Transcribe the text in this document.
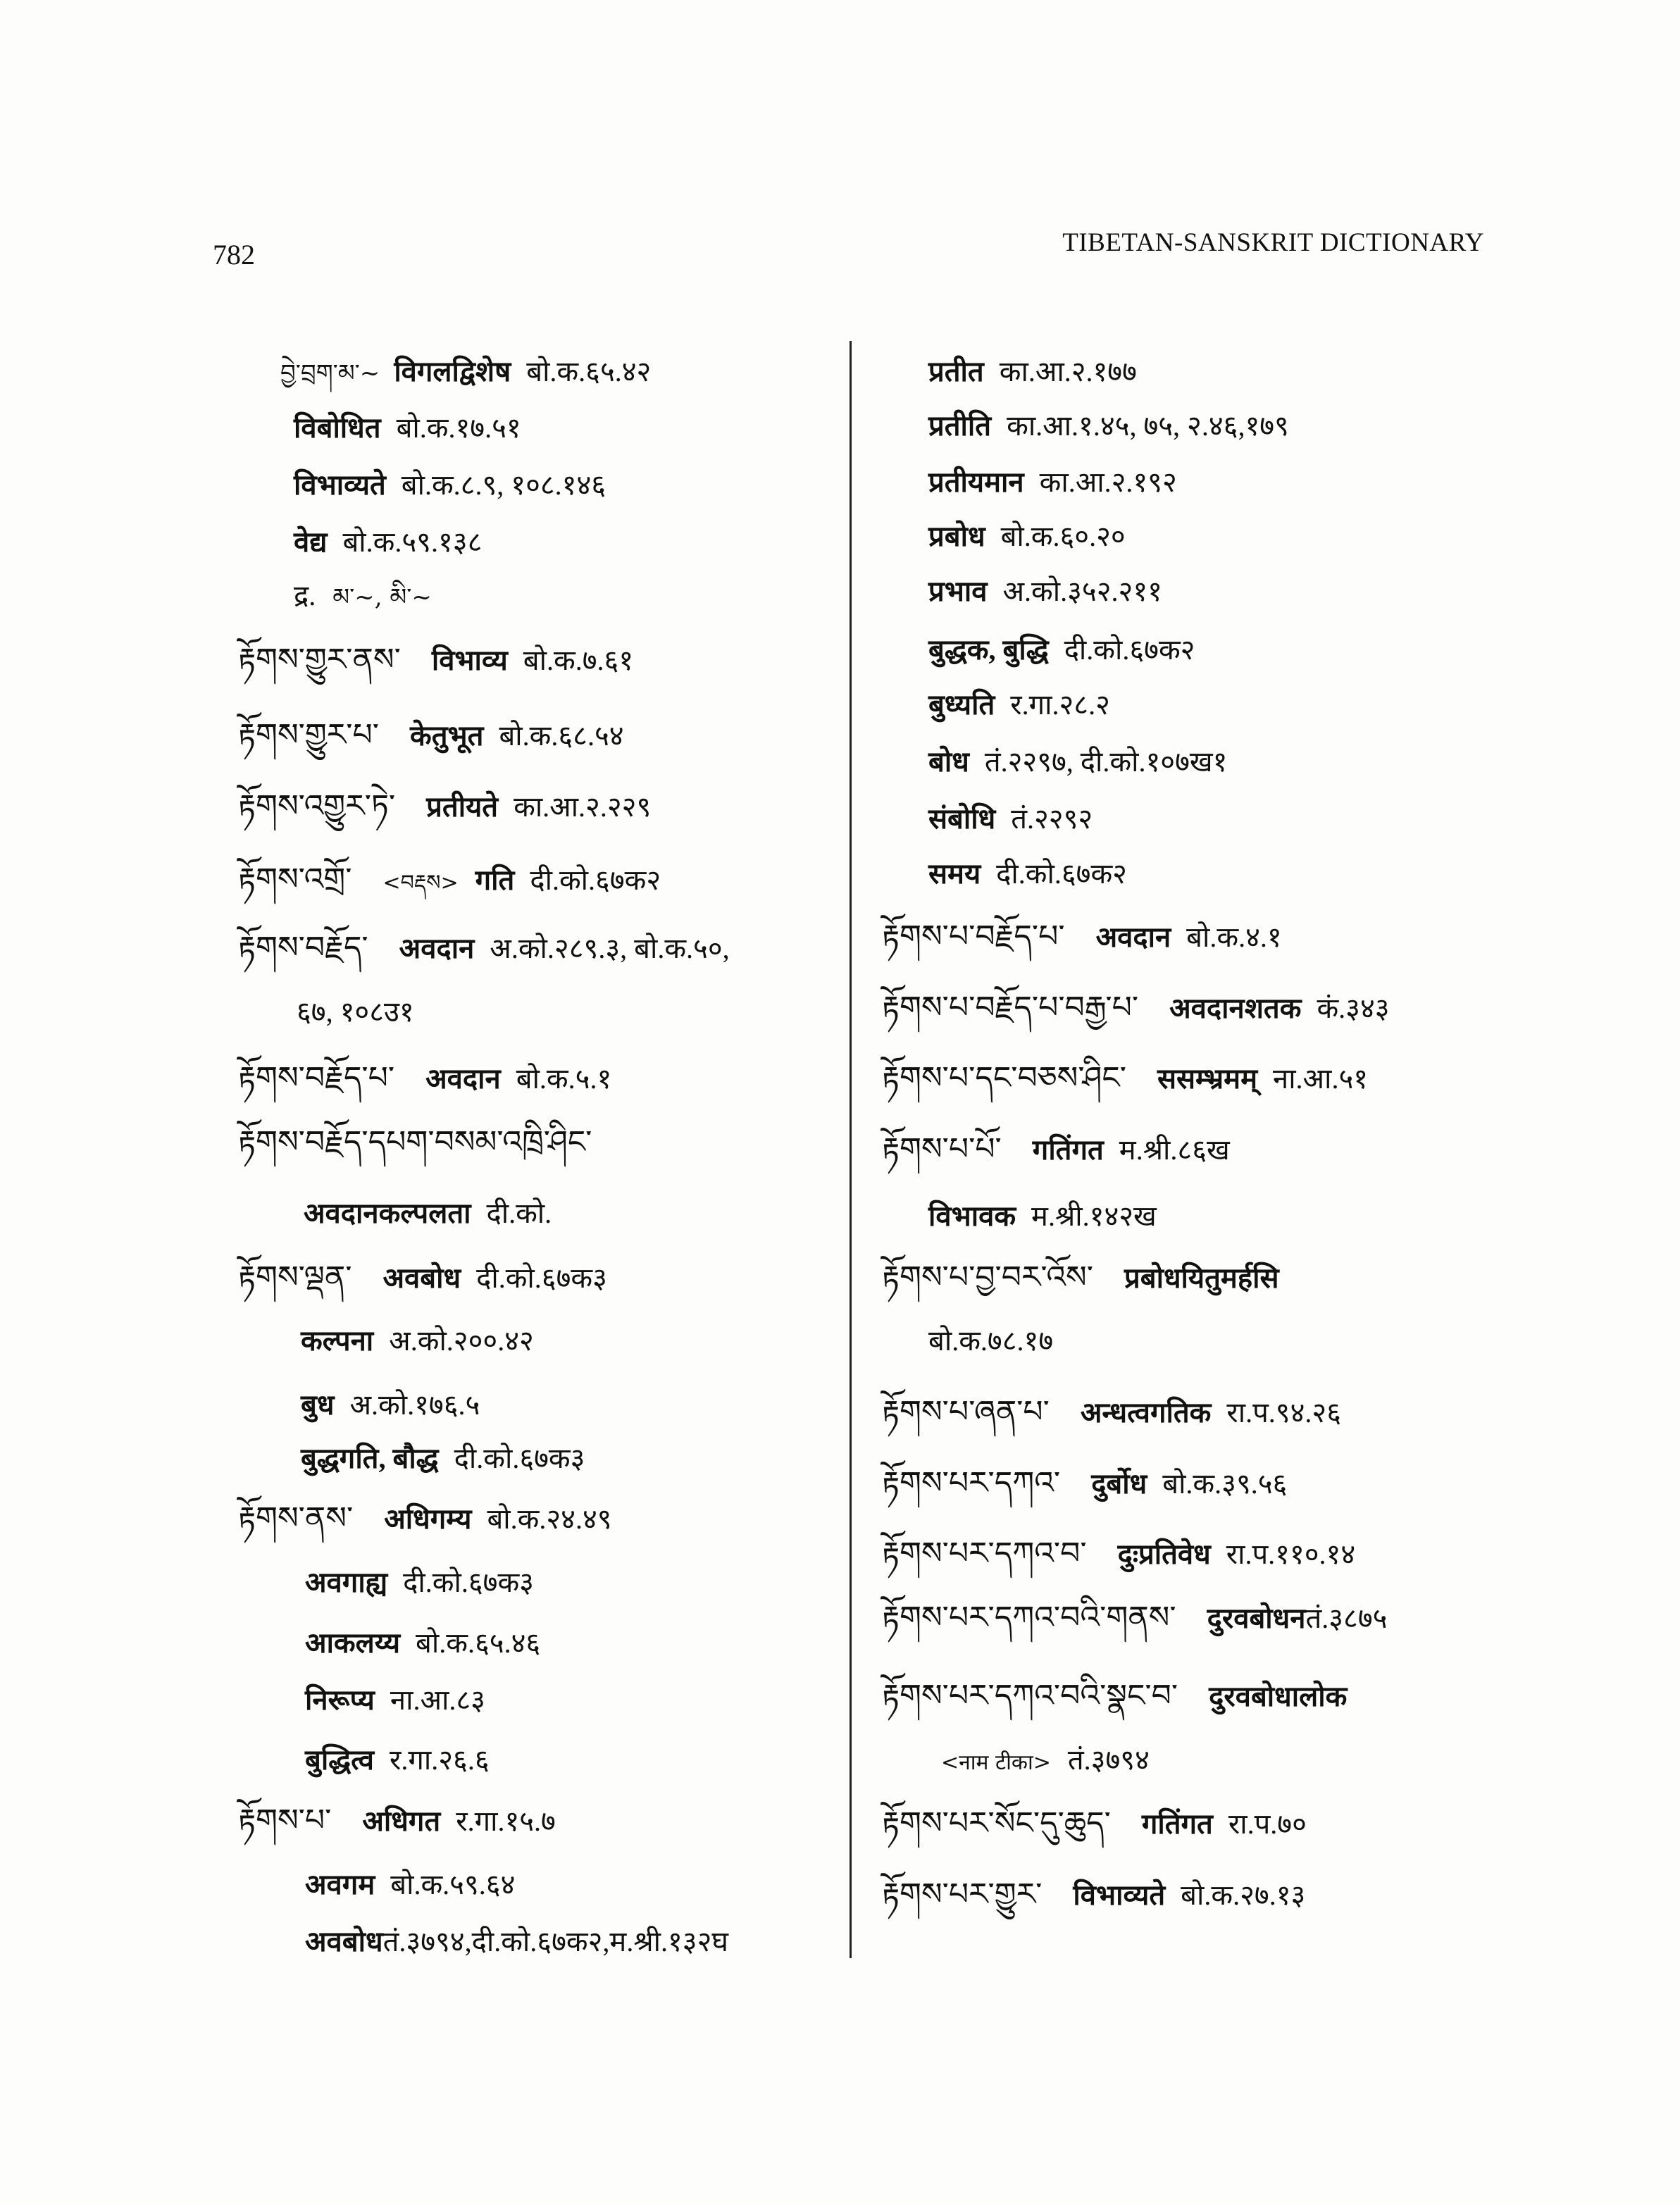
782	TIBETAN-SANSKRIT DICTIONARY
བྱེ་བྲག་མ་~ विगलद्विशेष बो.क.६५.४२
विबोधित बो.क.१७.५१
विभाव्यते बो.क.८.९, १०८.१४६
वेद्य बो.क.५९.१३८
द्र. མ་~, མི་~
རྟོགས་གྱུར་ནས་ विभाव्य बो.क.७.६१
རྟོགས་གྱུར་པ་ केतुभूत बो.क.६८.५४
རྟོགས་འགྱུར་ཏེ་ प्रतीयते का.आ.२.२२९
རྟོགས་འགྲོ་ <བརྡས> गति दी.को.६७क२
རྟོགས་བརྗོད་ अवदान अ.को.२८९.३, बो.क.५०,
६७, १०८उ१
རྟོགས་བརྗོད་པ་ अवदान बो.क.५.१
རྟོགས་བརྗོད་དཔག་བསམ་འཁྲི་ཤིང་
अवदानकल्पलता दी.को.
རྟོགས་ལྡན་ अवबोध दी.को.६७क३
कल्पना अ.को.२००.४२
बुध अ.को.१७६.५
बुद्धगति, बौद्ध दी.को.६७क३
རྟོགས་ནས་ अधिगम्य बो.क.२४.४९
अवगाह्य दी.को.६७क३
आकलय्य बो.क.६५.४६
निरूप्य ना.आ.८३
बुद्धित्व र.गा.२६.६
རྟོགས་པ་ अधिगत र.गा.१५.७
अवगम बो.क.५९.६४
अवबोधतं.३७९४,दी.को.६७क२,म.श्री.१३२घ
प्रतीत का.आ.२.१७७
प्रतीति का.आ.१.४५, ७५, २.४६,१७९
प्रतीयमान का.आ.२.१९२
प्रबोध बो.क.६०.२०
प्रभाव अ.को.३५२.२११
बुद्धक, बुद्धि दी.को.६७क२
बुध्यति र.गा.२८.२
बोध तं.२२९७, दी.को.१०७ख१
संबोधि तं.२२९२
समय दी.को.६७क२
རྟོགས་པ་བརྗོད་པ་ अवदान बो.क.४.१
རྟོགས་པ་བརྗོད་པ་བརྒྱ་པ་ अवदानशतक कं.३४३
རྟོགས་པ་དང་བཅས་ཤིང་ ससम्भ्रमम् ना.आ.५१
རྟོགས་པ་པོ་ गतिंगत म.श्री.८६ख
विभावक म.श्री.१४२ख
རྟོགས་པ་བྱ་བར་འོས་ प्रबोधयितुमर्हसि
बो.क.७८.१७
རྟོགས་པ་ཞན་པ་ अन्धत्वगतिक रा.प.९४.२६
རྟོགས་པར་དཀའ་ दुर्बोध बो.क.३९.५६
རྟོགས་པར་དཀའ་བ་ दुःप्रतिवेध रा.प.११०.१४
རྟོགས་པར་དཀའ་བའི་གནས་ दुरवबोधनतं.३८७५
རྟོགས་པར་དཀའ་བའི་སྣང་བ་ दुरवबोधालोक
<नाम टीका> तं.३७९४
རྟོགས་པར་སོང་དུ་ཆུད་ गतिंगत रा.प.७०
རྟོགས་པར་གྱུར་ विभाव्यते बो.क.२७.१३
